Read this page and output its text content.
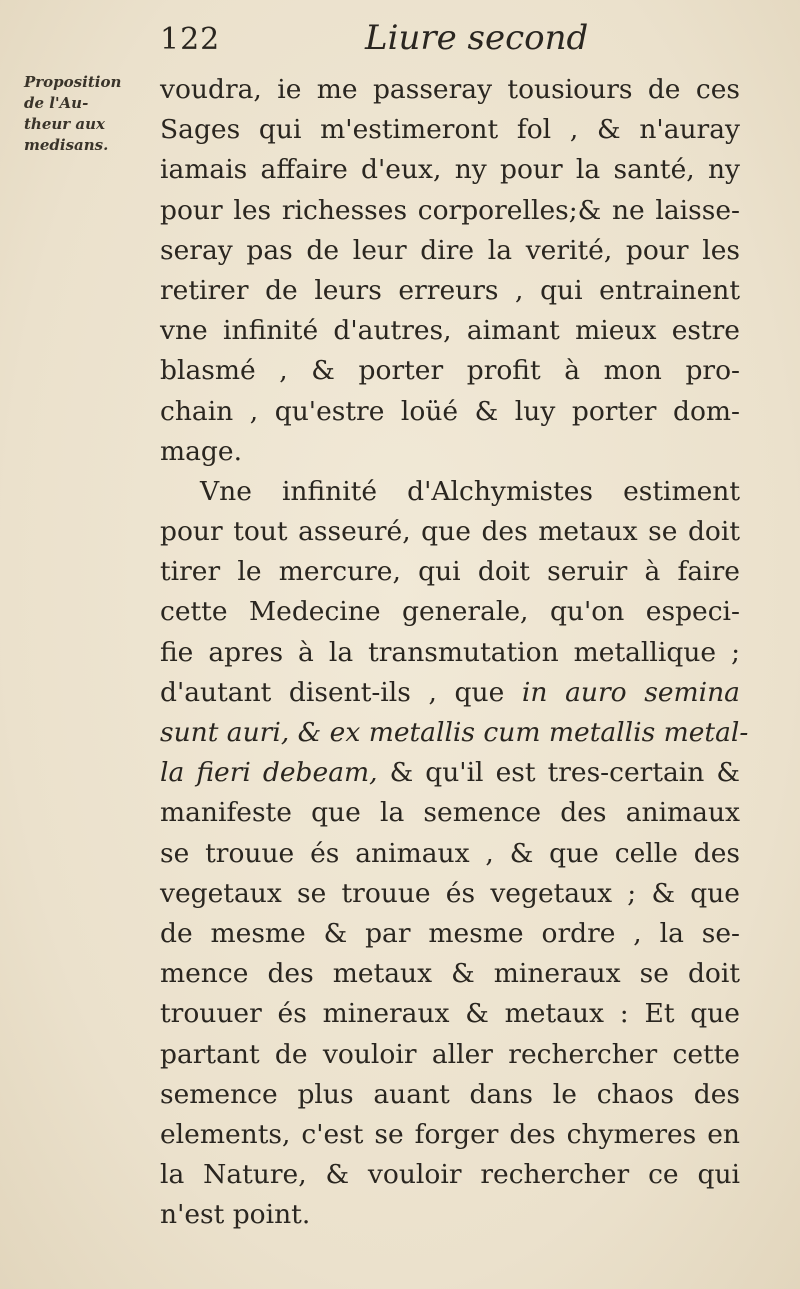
122	Liure second
Proposition
de l'Au-
theur aux
medisans.
voudra, ie me passeray tousiours de ces
Sages qui m'estimeront fol , & n'auray
iamais affaire d'eux, ny pour la santé, ny
pour les richesses corporelles;& ne laisse-
seray pas de leur dire la verité, pour les
retirer de leurs erreurs , qui entrainent
vne infinité d'autres, aimant mieux estre
blasmé , & porter profit à mon pro-
chain , qu'estre loüé & luy porter dom-
mage.
Vne infinité d'Alchymistes estiment
pour tout asseuré, que des metaux se doit
tirer le mercure, qui doit seruir à faire
cette Medecine generale, qu'on especi-
fie apres à la transmutation metallique ;
d'autant disent-ils , que in auro semina
sunt auri, & ex metallis cum metallis metal-
la fieri debeam, & qu'il est tres-certain &
manifeste que la semence des animaux
se trouue és animaux , & que celle des
vegetaux se trouue és vegetaux ; & que
de mesme & par mesme ordre , la se-
mence des metaux & mineraux se doit
trouuer és mineraux & metaux : Et que
partant de vouloir aller rechercher cette
semence plus auant dans le chaos des
elements, c'est se forger des chymeres en
la Nature, & vouloir rechercher ce qui
n'est point.
